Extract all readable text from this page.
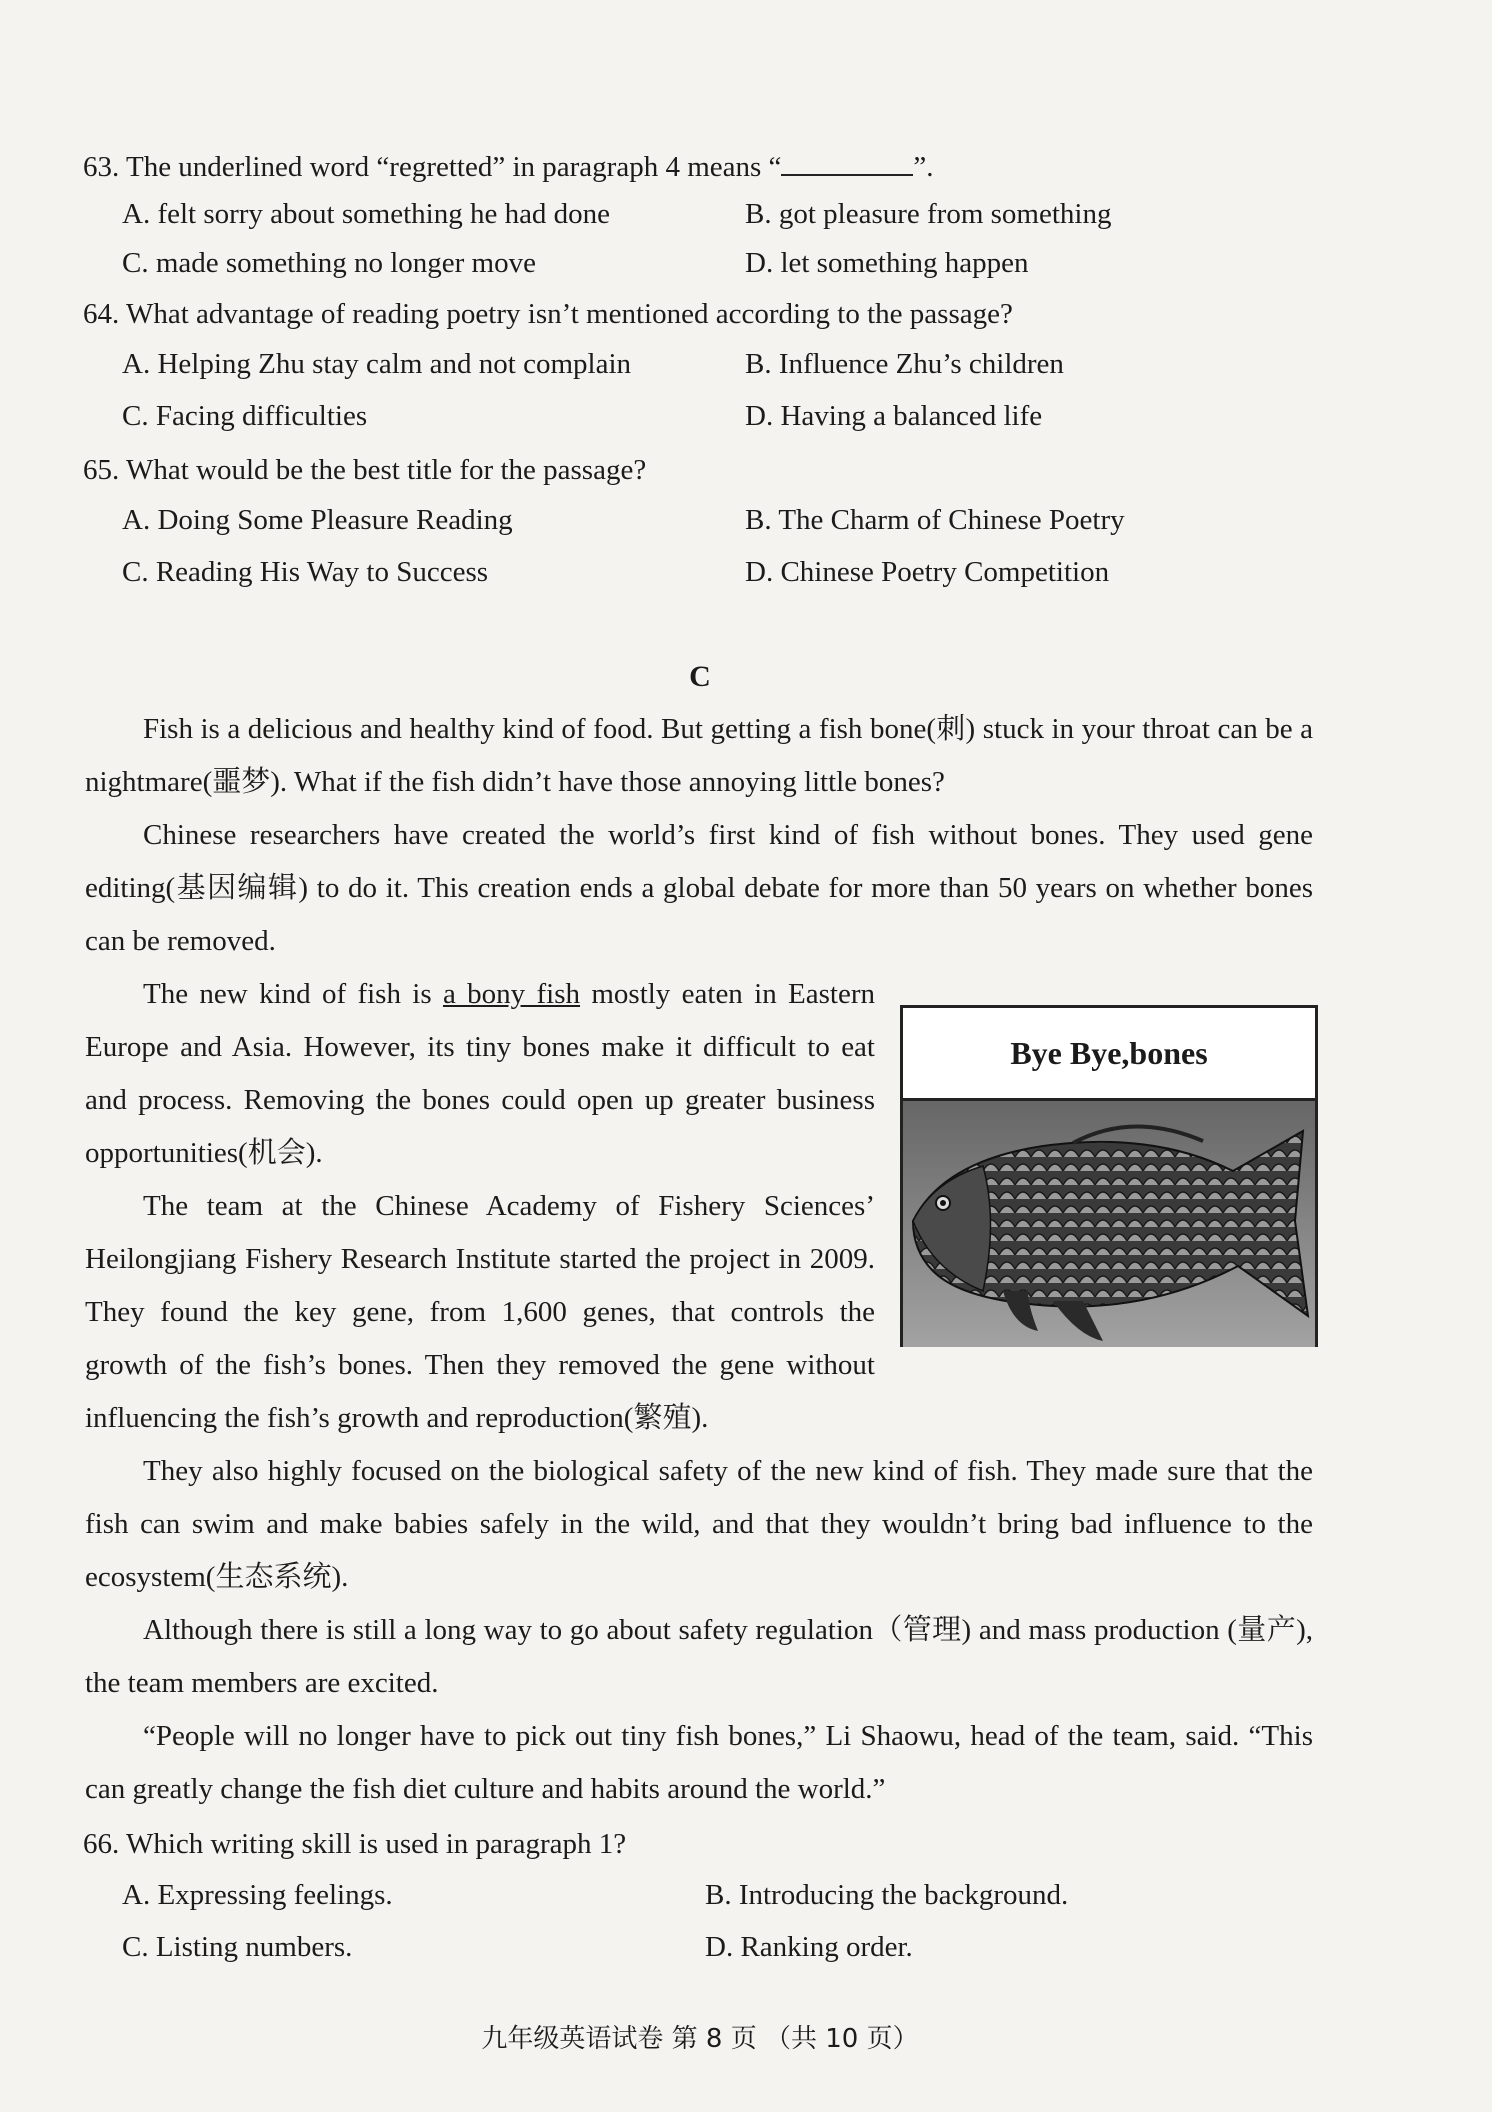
63. The underlined word “regretted” in paragraph 4 means “	”.
A. felt sorry about something he had done	B. got pleasure from something
C. made something no longer move	D. let something happen
64. What advantage of reading poetry isn’t mentioned according to the passage?
A. Helping Zhu stay calm and not complain	B. Influence Zhu’s children
C. Facing difficulties	D. Having a balanced life
65. What would be the best title for the passage?
A. Doing Some Pleasure Reading	B. The Charm of Chinese Poetry
C. Reading His Way to Success	D. Chinese Poetry Competition
C

Fish is a delicious and healthy kind of food. But getting a fish bone(刺) stuck in your throat can be a nightmare(噩梦). What if the fish didn’t have those annoying little bones?

Chinese researchers have created the world’s first kind of fish without bones. They used gene editing(基因编辑) to do it. This creation ends a global debate for more than 50 years on whether bones can be removed.

The new kind of fish is a bony fish mostly eaten in Eastern Europe and Asia. However, its tiny bones make it difficult to eat and process. Removing the bones could open up greater business opportunities(机会).

The team at the Chinese Academy of Fishery Sciences’ Heilongjiang Fishery Research Institute started the project in 2009. They found the key gene, from 1,600 genes, that controls the growth of the fish’s bones. Then they removed the gene without influencing the fish’s growth and reproduction(繁殖).

Bye Bye,bones

They also highly focused on the biological safety of the new kind of fish. They made sure that the fish can swim and make babies safely in the wild, and that they wouldn’t bring bad influence to the ecosystem(生态系统).

Although there is still a long way to go about safety regulation（管理) and mass production (量产), the team members are excited.

“People will no longer have to pick out tiny fish bones,” Li Shaowu, head of the team, said. “This can greatly change the fish diet culture and habits around the world.”

66. Which writing skill is used in paragraph 1?
A. Expressing feelings.	B. Introducing the background.
C. Listing numbers.	D. Ranking order.
九年级英语试卷 第 8 页 （共 10 页）
